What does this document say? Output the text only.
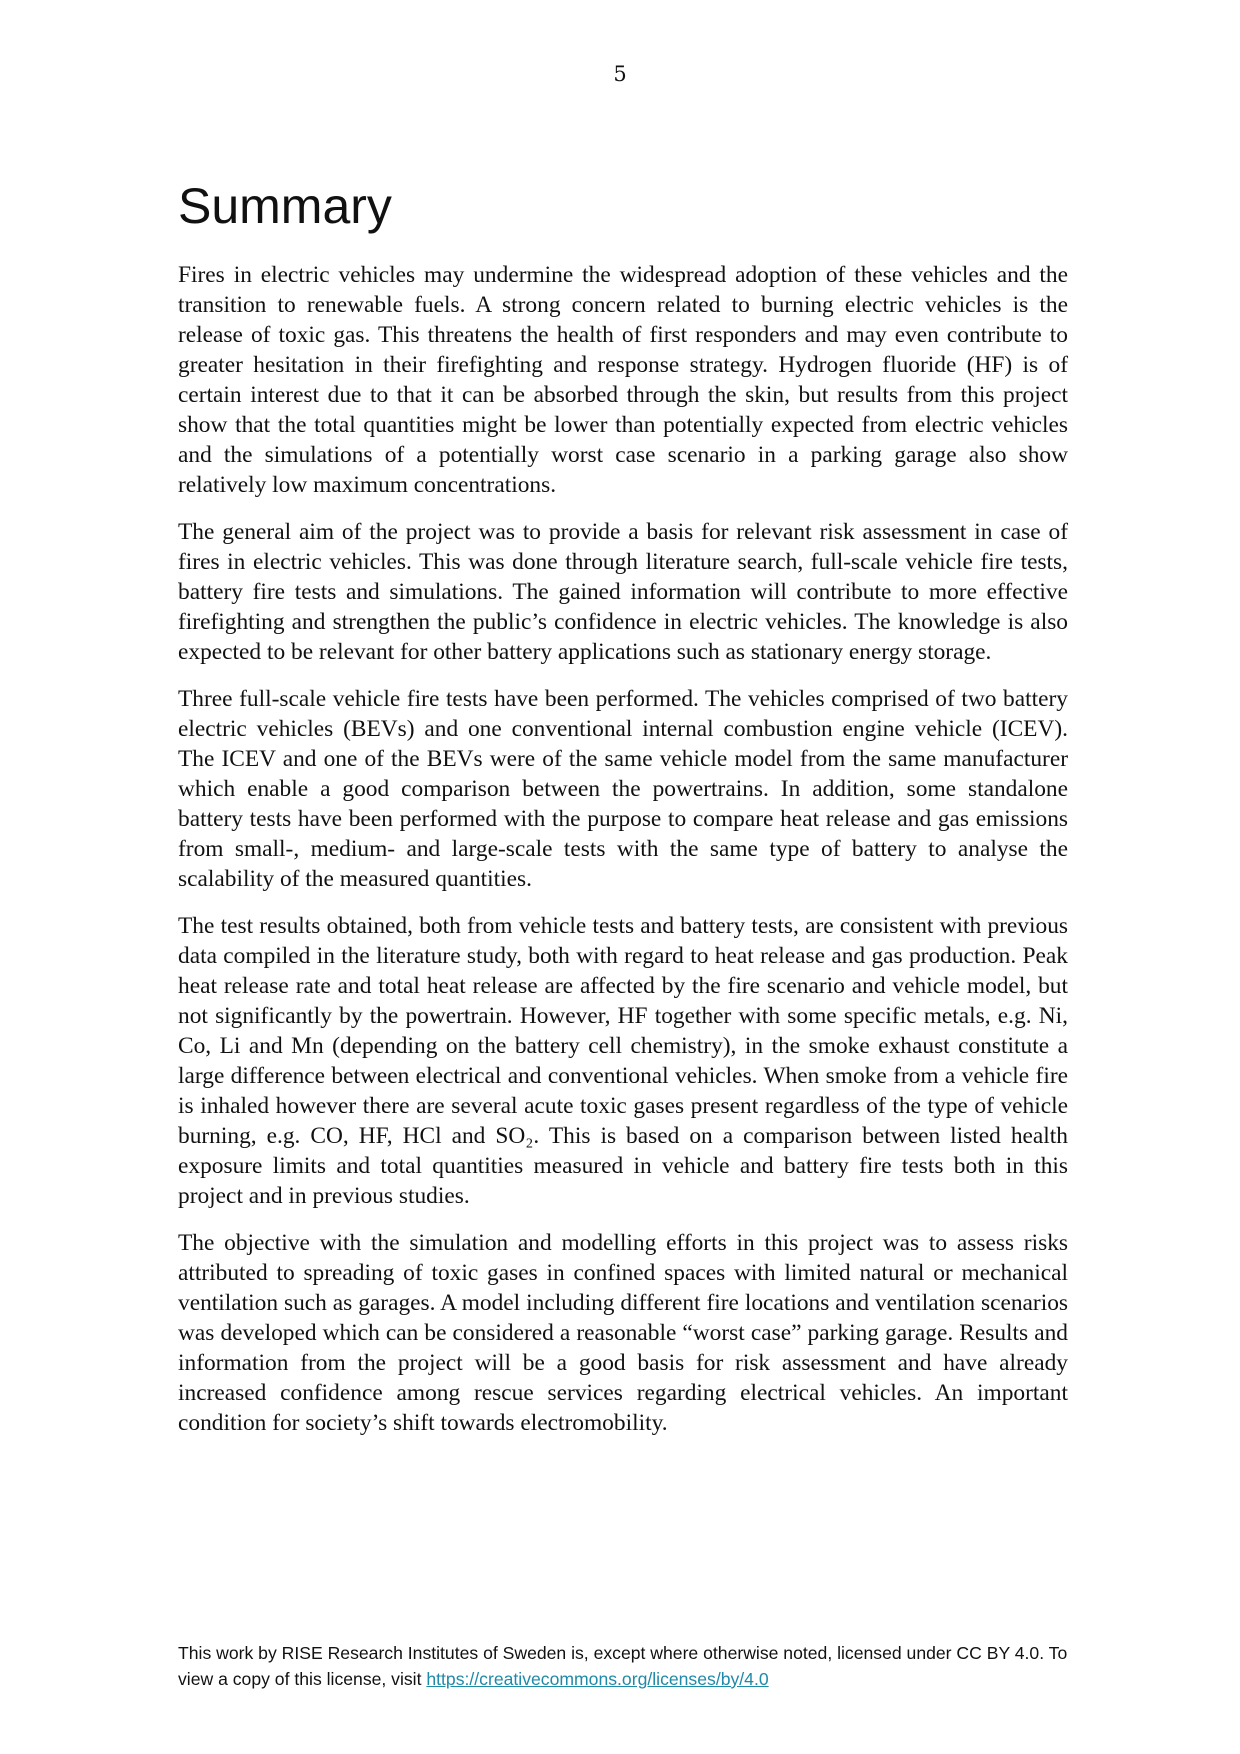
5
Summary

Fires in electric vehicles may undermine the widespread adoption of these vehicles and the transition to renewable fuels. A strong concern related to burning electric vehicles is the release of toxic gas. This threatens the health of first responders and may even contribute to greater hesitation in their firefighting and response strategy. Hydrogen fluoride (HF) is of certain interest due to that it can be absorbed through the skin, but results from this project show that the total quantities might be lower than potentially expected from electric vehicles and the simulations of a potentially worst case scenario in a parking garage also show relatively low maximum concentrations.

The general aim of the project was to provide a basis for relevant risk assessment in case of fires in electric vehicles. This was done through literature search, full-scale vehicle fire tests, battery fire tests and simulations. The gained information will contribute to more effective firefighting and strengthen the public’s confidence in electric vehicles. The knowledge is also expected to be relevant for other battery applications such as stationary energy storage.

Three full-scale vehicle fire tests have been performed. The vehicles comprised of two battery electric vehicles (BEVs) and one conventional internal combustion engine vehicle (ICEV). The ICEV and one of the BEVs were of the same vehicle model from the same manufacturer which enable a good comparison between the powertrains. In addition, some standalone battery tests have been performed with the purpose to compare heat release and gas emissions from small-, medium- and large-scale tests with the same type of battery to analyse the scalability of the measured quantities.

The test results obtained, both from vehicle tests and battery tests, are consistent with previous data compiled in the literature study, both with regard to heat release and gas production. Peak heat release rate and total heat release are affected by the fire scenario and vehicle model, but not significantly by the powertrain. However, HF together with some specific metals, e.g. Ni, Co, Li and Mn (depending on the battery cell chemistry), in the smoke exhaust constitute a large difference between electrical and conventional vehicles. When smoke from a vehicle fire is inhaled however there are several acute toxic gases present regardless of the type of vehicle burning, e.g. CO, HF, HCl and SO₂. This is based on a comparison between listed health exposure limits and total quantities measured in vehicle and battery fire tests both in this project and in previous studies.

The objective with the simulation and modelling efforts in this project was to assess risks attributed to spreading of toxic gases in confined spaces with limited natural or mechanical ventilation such as garages. A model including different fire locations and ventilation scenarios was developed which can be considered a reasonable “worst case” parking garage. Results and information from the project will be a good basis for risk assessment and have already increased confidence among rescue services regarding electrical vehicles. An important condition for society’s shift towards electromobility.

This work by RISE Research Institutes of Sweden is, except where otherwise noted, licensed under CC BY 4.0. To view a copy of this license, visit https://creativecommons.org/licenses/by/4.0
